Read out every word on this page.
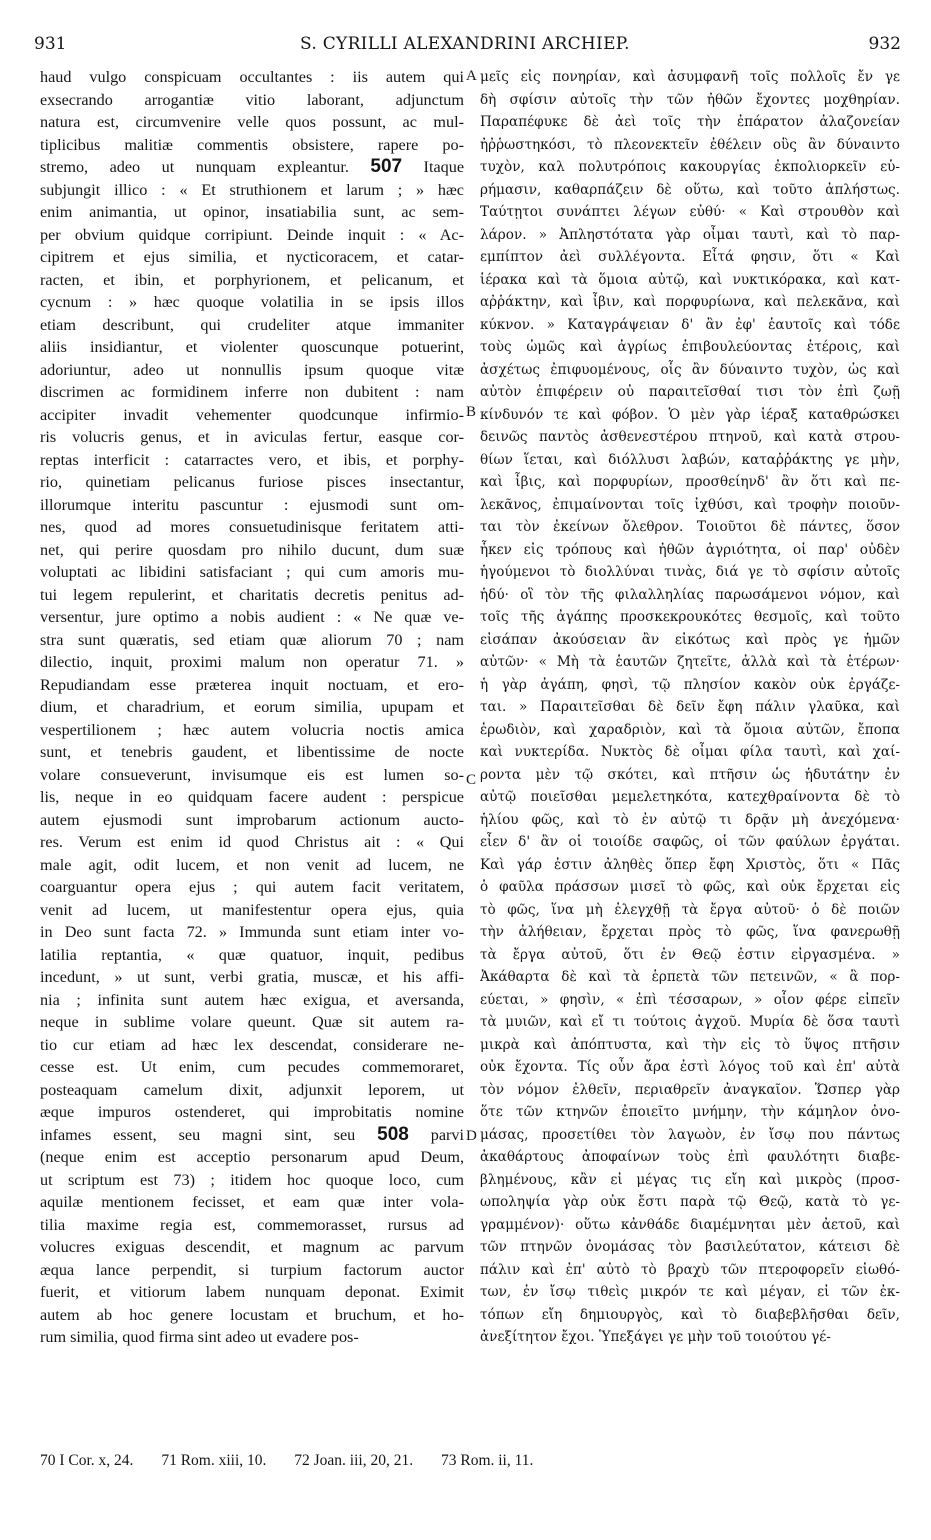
931	S. CYRILLI ALEXANDRINI ARCHIEP.	932
haud vulgo conspicuam occultantes : iis autem qui
exsecrando arrogantiæ vitio laborant, adjunctum
natura est, circumvenire velle quos possunt, ac mul-
tiplicibus malitiæ commentis obsistere, rapere po-
stremo, adeo ut nunquam expleantur. 507 Itaque
subjungit illico : « Et struthionem et larum ; » hæc
enim animantia, ut opinor, insatiabilia sunt, ac sem-
per obvium quidque corripiunt. Deinde inquit : « Ac-
cipitrem et ejus similia, et nycticoracem, et catar-
racten, et ibin, et porphyrionem, et pelicanum, et
cycnum : » hæc quoque volatilia in se ipsis illos
etiam describunt, qui crudeliter atque immaniter
aliis insidiantur, et violenter quoscunque potuerint,
adoriuntur, adeo ut nonnullis ipsum quoque vitæ
discrimen ac formidinem inferre non dubitent : nam
accipiter invadit vehementer quodcunque infirmio-
ris volucris genus, et in aviculas fertur, easque cor-
reptas interficit : catarractes vero, et ibis, et porphy-
rio, quinetiam pelicanus furiose pisces insectantur,
illorumque interitu pascuntur : ejusmodi sunt om-
nes, quod ad mores consuetudinisque feritatem atti-
net, qui perire quosdam pro nihilo ducunt, dum suæ
voluptati ac libidini satisfaciant ; qui cum amoris mu-
tui legem repulerint, et charitatis decretis penitus ad-
versentur, jure optimo a nobis audient : « Ne quæ ve-
stra sunt quæratis, sed etiam quæ aliorum 70 ; nam
dilectio, inquit, proximi malum non operatur 71. »
Repudiandam esse præterea inquit noctuam, et ero-
dium, et charadrium, et eorum similia, upupam et
vespertilionem ; hæc autem volucria noctis amica
sunt, et tenebris gaudent, et libentissime de nocte
volare consueverunt, invisumque eis est lumen so-
lis, neque in eo quidquam facere audent : perspicue
autem ejusmodi sunt improbarum actionum aucto-
res. Verum est enim id quod Christus ait : « Qui
male agit, odit lucem, et non venit ad lucem, ne
coarguantur opera ejus ; qui autem facit veritatem,
venit ad lucem, ut manifestentur opera ejus, quia
in Deo sunt facta 72. » Immunda sunt etiam inter vo-
latilia reptantia, « quæ quatuor, inquit, pedibus
incedunt, » ut sunt, verbi gratia, muscæ, et his affi-
nia ; infinita sunt autem hæc exigua, et aversanda,
neque in sublime volare queunt. Quæ sit autem ra-
tio cur etiam ad hæc lex descendat, considerare ne-
cesse est. Ut enim, cum pecudes commemoraret,
posteaquam camelum dixit, adjunxit leporem, ut
æque impuros ostenderet, qui improbitatis nomine
infames essent, seu magni sint, seu 508 parvi
(neque enim est acceptio personarum apud Deum,
ut scriptum est 73) ; itidem hoc quoque loco, cum
aquilæ mentionem fecisset, et eam quæ inter vola-
tilia maxime regia est, commemorasset, rursus ad
volucres exiguas descendit, et magnum ac parvum
æqua lance perpendit, si turpium factorum auctor
fuerit, et vitiorum labem nunquam deponat. Eximit
autem ab hoc genere locustam et bruchum, et ho-
rum similia, quod firma sint adeo ut evadere pos-
A
B
C
D
μεῖς εἰς πονηρίαν, καὶ ἀσυμφανῆ τοῖς πολλοῖς ἔν γε
δὴ σφίσιν αὐτοῖς τὴν τῶν ἠθῶν ἔχοντες μοχθηρίαν.
Παραπέφυκε δὲ ἀεὶ τοῖς τὴν ἐπάρατον ἀλαζονείαν
ἠῤῥωστηκόσι, τὸ πλεονεκτεῖν ἐθέλειν οὓς ἂν δύναιντο
τυχὸν, καλ πολυτρόποις κακουργίας ἐκπολιορκεῖν εὑ-
ρήμασιν, καθαρπάζειν δὲ οὕτω, καὶ τοῦτο ἀπλήστως.
Ταύτῃτοι συνάπτει λέγων εὐθύ· « Καὶ στρουθὸν καὶ
λάρον. » Ἀπληστότατα γὰρ οἶμαι ταυτὶ, καὶ τὸ παρ-
εμπίπτον ἀεὶ συλλέγοντα. Εἶτά φησιν, ὅτι « Καὶ
ἱέρακα καὶ τὰ ὅμοια αὐτῷ, καὶ νυκτικόρακα, καὶ κατ-
αῤῥάκτην, καὶ ἶβιν, καὶ πορφυρίωνα, καὶ πελεκᾶνα, καὶ
κύκνον. » Καταγράψειαν δ' ἂν ἐφ' ἑαυτοῖς καὶ τόδε
τοὺς ὠμῶς καὶ ἀγρίως ἐπιβουλεύοντας ἑτέροις, καὶ
ἀσχέτως ἐπιφυομένους, οἷς ἂν δύναιντο τυχὸν, ὡς καὶ
αὐτὸν ἐπιφέρειν οὐ παραιτεῖσθαί τισι τὸν ἐπὶ ζωῇ
κίνδυνόν τε καὶ φόβον. Ὁ μὲν γὰρ ἱέραξ καταθρώσκει
δεινῶς παντὸς ἀσθενεστέρου πτηνοῦ, καὶ κατὰ στρου-
θίων ἵεται, καὶ διόλλυσι λαβών, καταῤῥάκτης γε μὴν,
καὶ ἶβις, καὶ πορφυρίων, προσθείηνδ' ἂν ὅτι καὶ πε-
λεκᾶνος, ἐπιμαίνονται τοῖς ἰχθύσι, καὶ τροφὴν ποιοῦν-
ται τὸν ἐκείνων ὄλεθρον. Τοιοῦτοι δὲ πάντες, ὅσον
ἧκεν εἰς τρόπους καὶ ἠθῶν ἀγριότητα, οἱ παρ' οὐδὲν
ἡγούμενοι τὸ διολλύναι τινὰς, διά γε τὸ σφίσιν αὐτοῖς
ἡδύ· οἳ τὸν τῆς φιλαλληλίας παρωσάμενοι νόμον, καὶ
τοῖς τῆς ἀγάπης προσκεκρουκότες θεσμοῖς, καὶ τοῦτο
εἰσάπαν ἀκούσειαν ἂν εἰκότως καὶ πρὸς γε ἡμῶν
αὐτῶν· « Μὴ τὰ ἑαυτῶν ζητεῖτε, ἀλλὰ καὶ τὰ ἑτέρων·
ἡ γὰρ ἀγάπη, φησὶ, τῷ πλησίον κακὸν οὐκ ἐργάζε-
ται. » Παραιτεῖσθαι δὲ δεῖν ἔφη πάλιν γλαῦκα, καὶ
ἐρωδιὸν, καὶ χαραδριὸν, καὶ τὰ ὅμοια αὐτῶν, ἔποπα
καὶ νυκτερίδα. Νυκτὸς δὲ οἶμαι φίλα ταυτὶ, καὶ χαί-
ροντα μὲν τῷ σκότει, καὶ πτῆσιν ὡς ἡδυτάτην ἐν
αὐτῷ ποιεῖσθαι μεμελετηκότα, κατεχθραίνοντα δὲ τὸ
ἡλίου φῶς, καὶ τὸ ἐν αὐτῷ τι δρᾷν μὴ ἀνεχόμενα·
εἶεν δ' ἂν οἱ τοιοίδε σαφῶς, οἱ τῶν φαύλων ἐργάται.
Καὶ γάρ ἐστιν ἀληθὲς ὅπερ ἔφη Χριστὸς, ὅτι « Πᾶς
ὁ φαῦλα πράσσων μισεῖ τὸ φῶς, καὶ οὐκ ἔρχεται εἰς
τὸ φῶς, ἵνα μὴ ἐλεγχθῇ τὰ ἔργα αὐτοῦ· ὁ δὲ ποιῶν
τὴν ἀλήθειαν, ἔρχεται πρὸς τὸ φῶς, ἵνα φανερωθῇ
τὰ ἔργα αὐτοῦ, ὅτι ἐν Θεῷ ἐστιν εἰργασμένα. »
Ἀκάθαρτα δὲ καὶ τὰ ἑρπετὰ τῶν πετεινῶν, « ἃ πορ-
εύεται, » φησὶν, « ἐπὶ τέσσαρων, » οἷον φέρε εἰπεῖν
τὰ μυιῶν, καὶ εἴ τι τούτοις ἀγχοῦ. Μυρία δὲ ὅσα ταυτὶ
μικρὰ καὶ ἀπόπτυστα, καὶ τὴν εἰς τὸ ὕψος πτῆσιν
οὐκ ἔχοντα. Τίς οὖν ἄρα ἐστὶ λόγος τοῦ καὶ ἐπ' αὐτὰ
τὸν νόμον ἐλθεῖν, περιαθρεῖν ἀναγκαῖον. Ὥσπερ γὰρ
ὅτε τῶν κτηνῶν ἐποιεῖτο μνήμην, τὴν κάμηλον ὀνο-
μάσας, προσετίθει τὸν λαγωὸν, ἐν ἴσῳ που πάντως
ἀκαθάρτους ἀποφαίνων τοὺς ἐπὶ φαυλότητι διαβε-
βλημένους, κἂν εἰ μέγας τις εἴη καὶ μικρὸς (προσ-
ωποληψία γὰρ οὐκ ἔστι παρὰ τῷ Θεῷ, κατὰ τὸ γε-
γραμμένον)· οὕτω κἀνθάδε διαμέμνηται μὲν ἀετοῦ, καὶ
τῶν πτηνῶν ὀνομάσας τὸν βασιλεύτατον, κάτεισι δὲ
πάλιν καὶ ἐπ' αὐτὸ τὸ βραχὺ τῶν πτεροφορεῖν εἰωθό-
των, ἐν ἴσῳ τιθεὶς μικρόν τε καὶ μέγαν, εἰ τῶν ἐκ-
τόπων εἴη δημιουργὸς, καὶ τὸ διαβεβλῆσθαι δεῖν,
ἀνεξίτητον ἔχοι. Ὑπεξάγει γε μὴν τοῦ τοιούτου γέ-
70 I Cor. x, 24. 71 Rom. xiii, 10. 72 Joan. iii, 20, 21. 73 Rom. ii, 11.
